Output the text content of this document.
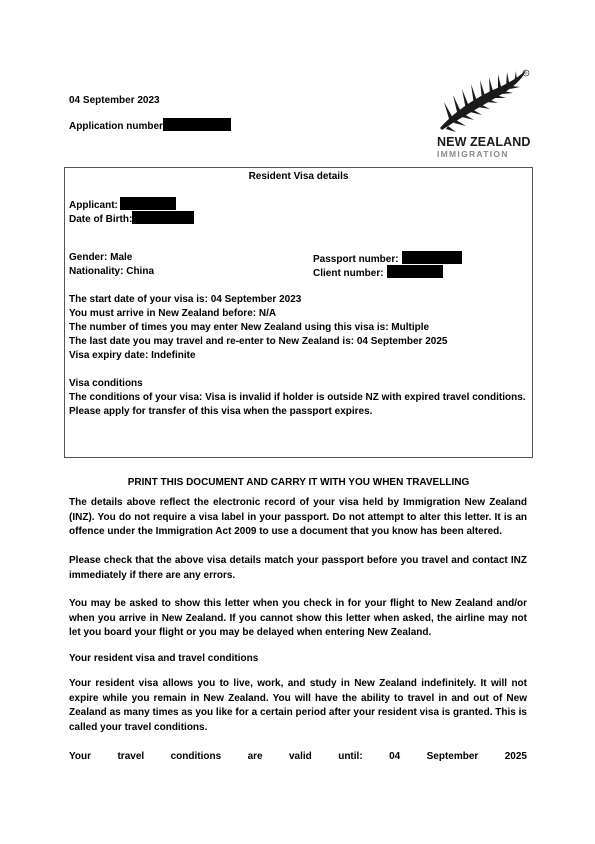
04 September 2023
Application number
®
NEW ZEALAND
IMMIGRATION
Resident Visa details
Applicant:
Date of Birth:
Gender: Male
Nationality: China
Passport number:
Client number:
The start date of your visa is: 04 September 2023
You must arrive in New Zealand before: N/A
The number of times you may enter New Zealand using this visa is: Multiple
The last date you may travel and re-enter to New Zealand is: 04 September 2025
Visa expiry date: Indefinite
Visa conditions
The conditions of your visa: Visa is invalid if holder is outside NZ with expired travel conditions.
Please apply for transfer of this visa when the passport expires.
PRINT THIS DOCUMENT AND CARRY IT WITH YOU WHEN TRAVELLING
The details above reflect the electronic record of your visa held by Immigration New Zealand (INZ). You do not require a visa label in your passport. Do not attempt to alter this letter. It is an offence under the Immigration Act 2009 to use a document that you know has been altered.
Please check that the above visa details match your passport before you travel and contact INZ immediately if there are any errors.
You may be asked to show this letter when you check in for your flight to New Zealand and/or when you arrive in New Zealand. If you cannot show this letter when asked, the airline may not let you board your flight or you may be delayed when entering New Zealand.
Your resident visa and travel conditions
Your resident visa allows you to live, work, and study in New Zealand indefinitely. It will not expire while you remain in New Zealand. You will have the ability to travel in and out of New Zealand as many times as you like for a certain period after your resident visa is granted. This is called your travel conditions.
Your	travel	conditions	are	valid	until:	04	September	2025
